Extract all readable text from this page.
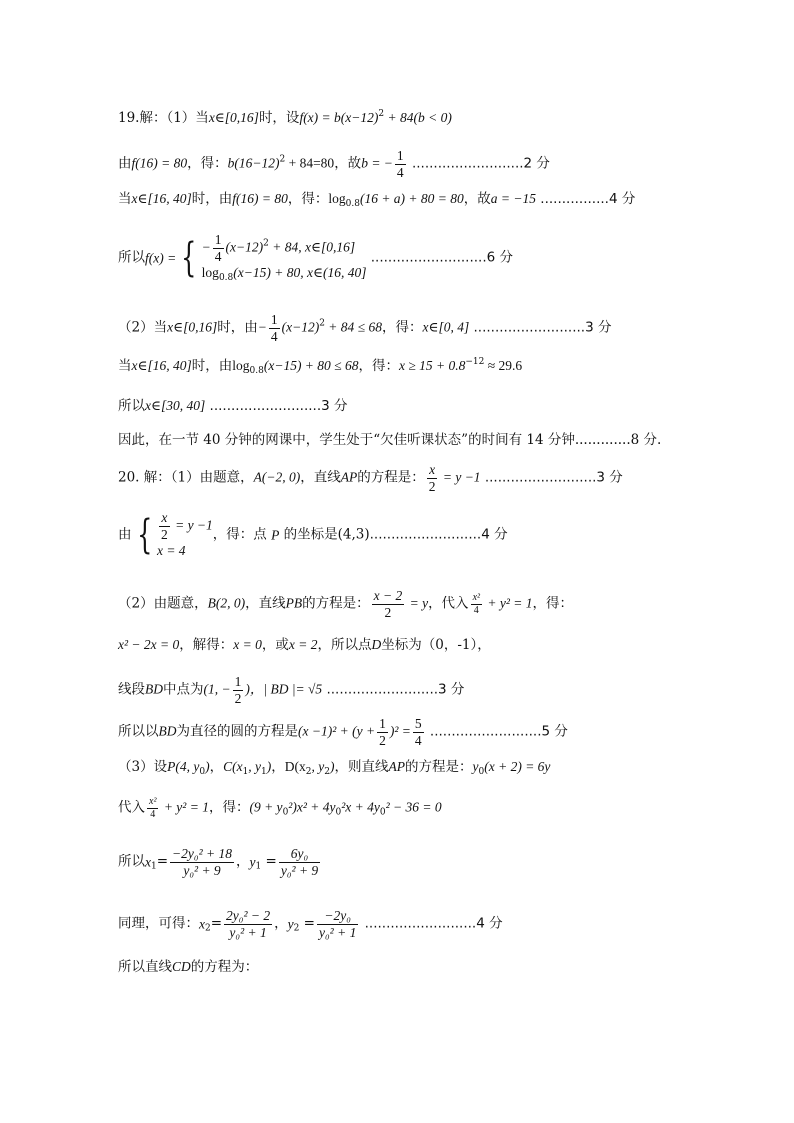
19.解：（1）当x∈[0,16]时，设$f(x) = b(x-12)^2 + 84(b < 0)$
由f(16) = 80，得：$b(16-12)^2 + 84=80$，故b = − $\frac{1}{4} ..........................2$ 分
当x∈[16, 40]时，由f(16) = 80，得：$\log_{0.8}(16 + a) + 80 = 80$，故a = −15 ................4 分
所以f(x) = { − $\frac{1}{4} (x-12)^2 + 84$, x∈[0,16]
$\log_{0.8}(x-15) + 80$, x∈(16, 40]
...........................6 分
（2）当x∈[0,16]时，由− $\frac{1}{4} (x-12)^2 + 84 \le 68$，得：x∈[0, 4] ..........................3 分
当x∈[16, 40]时，由$\log_{0.8}(x-15) + 80 \le 68$，得：$x \ge 15 + 0.8^{-12} \approx 29.6$
所以x∈[30, 40] ..........................3 分
因此，在一节 40 分钟的网课中，学生处于“欠佳听课状态”的时间有 14 分钟.............8 分.
20. 解：（1）由题意，A(−2, 0)，直线AP的方程是： $\frac{x}{2} = y -1$ ..........................3 分
由 { $\frac{x}{2} = y -1$
x = 4
，得：点 P 的坐标是(4,3)..........................4 分
（2）由题意，B(2, 0)，直线PB的方程是： $\frac{x - 2}{2} = y$，代入 $\frac{\text{x²}}{4} + y^2 = 1$，得：
x² − 2x = 0，解得：x = 0，或x = 2，所以点D坐标为（0，-1），
线段BD中点为(1, − $\frac{1}{2}$ )，| BD |= √5 ..........................3 分
所以以BD为直径的圆的方程是$(x -1)^2 + (y + \frac{1}{2} )^2 = \frac{5}{4} ..........................5$ 分
（3）设P(4, $y_0$)，$C(x_1$, $y_1$)，$D(x_2$, $y_2$)，则直线AP的方程是：$y_0(x + 2) = 6y$
代入 $\frac{\text{x²}}{4} + y^2 = 1$，得：$(9 + y_0^2)x^2 + 4y_0^2x + 4y_0^2 - 36 = 0$
所以$x_1= \frac{\text{−2y₀² + 18}}{\text{y₀² + 9}}$ ，$y_1 = \frac{\text{6y₀}}{\text{y₀² + 9}}$
同理，可得：$x_2= \frac{\text{2y₀² − 2}}{\text{y₀² + 1}}$ ，$y_2 = \frac{\text{−2y₀}}{\text{y₀² + 1}} ..........................4$ 分
所以直线CD的方程为：
